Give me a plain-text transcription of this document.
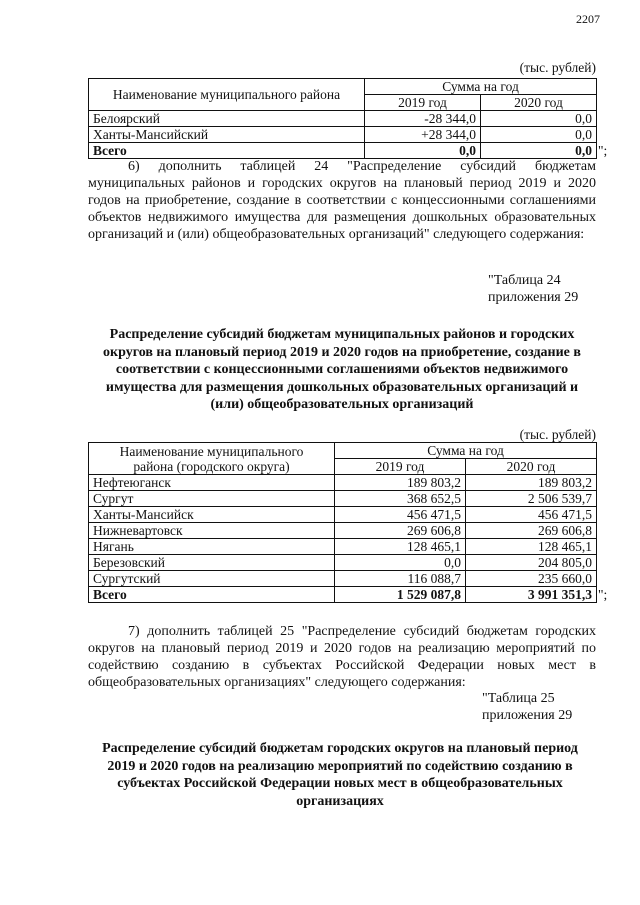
2207
(тыс. рублей)
Наименование муниципального района	Сумма на год	
	2019 год	2020 год
Белоярский	-28 344,0	0,0
Ханты-Мансийский	+28 344,0	0,0
Всего	0,0	0,0 ";

6) дополнить таблицей 24 "Распределение субсидий бюджетам муниципальных районов и городских округов на плановый период 2019 и 2020 годов на приобретение, создание в соответствии с концессионными соглашениями объектов недвижимого имущества для размещения дошкольных образовательных организаций и (или) общеобразовательных организаций" следующего содержания:

"Таблица 24
приложения 29

Распределение субсидий бюджетам муниципальных районов и городских округов на плановый период 2019 и 2020 годов на приобретение, создание в соответствии с концессионными соглашениями объектов недвижимого имущества для размещения дошкольных образовательных организаций и (или) общеобразовательных организаций

(тыс. рублей)
Наименование муниципального
района (городского округа)	Сумма на год	
	2019 год	2020 год
Нефтеюганск	189 803,2	189 803,2
Сургут	368 652,5	2 506 539,7
Ханты-Мансийск	456 471,5	456 471,5
Нижневартовск	269 606,8	269 606,8
Нягань	128 465,1	128 465,1
Березовский	0,0	204 805,0
Сургутский	116 088,7	235 660,0
Всего	1 529 087,8	3 991 351,3 ";

7) дополнить таблицей 25 "Распределение субсидий бюджетам городских округов на плановый период 2019 и 2020 годов на реализацию мероприятий по содействию созданию в субъектах Российской Федерации новых мест в общеобразовательных организациях" следующего содержания:

"Таблица 25
приложения 29

Распределение субсидий бюджетам городских округов на плановый период 2019 и 2020 годов на реализацию мероприятий по содействию созданию в субъектах Российской Федерации новых мест в общеобразовательных организациях
